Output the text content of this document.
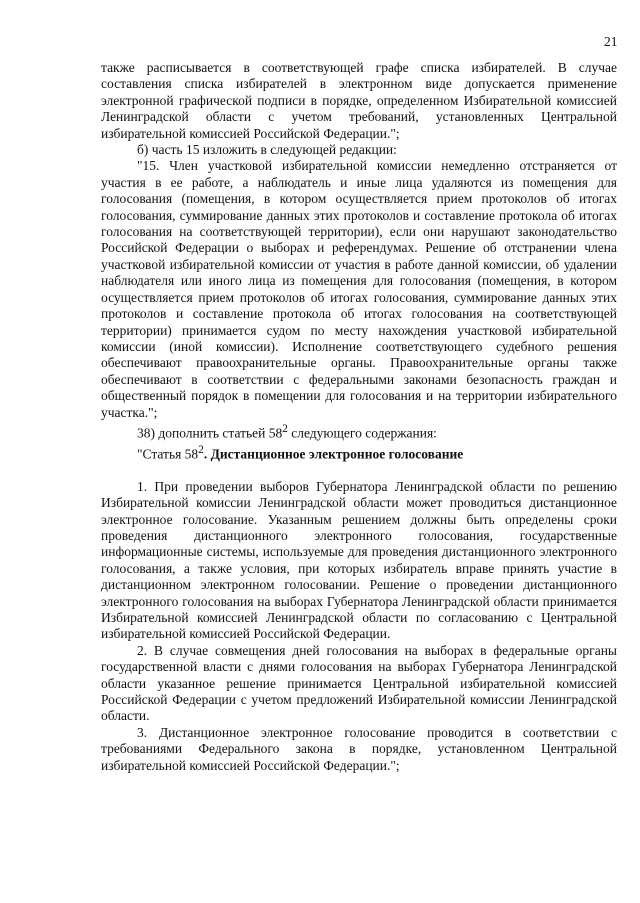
21

также расписывается в соответствующей графе списка избирателей. В случае составления списка избирателей в электронном виде допускается применение электронной графической подписи в порядке, определенном Избирательной комиссией Ленинградской области с учетом требований, установленных Центральной избирательной комиссией Российской Федерации.";

б) часть 15 изложить в следующей редакции:

"15. Член участковой избирательной комиссии немедленно отстраняется от участия в ее работе, а наблюдатель и иные лица удаляются из помещения для голосования (помещения, в котором осуществляется прием протоколов об итогах голосования, суммирование данных этих протоколов и составление протокола об итогах голосования на соответствующей территории), если они нарушают законодательство Российской Федерации о выборах и референдумах. Решение об отстранении члена участковой избирательной комиссии от участия в работе данной комиссии, об удалении наблюдателя или иного лица из помещения для голосования (помещения, в котором осуществляется прием протоколов об итогах голосования, суммирование данных этих протоколов и составление протокола об итогах голосования на соответствующей территории) принимается судом по месту нахождения участковой избирательной комиссии (иной комиссии). Исполнение соответствующего судебного решения обеспечивают правоохранительные органы. Правоохранительные органы также обеспечивают в соответствии с федеральными законами безопасность граждан и общественный порядок в помещении для голосования и на территории избирательного участка.";

38) дополнить статьей $58^2$ следующего содержания:

"Статья $58^2$. Дистанционное электронное голосование

1. При проведении выборов Губернатора Ленинградской области по решению Избирательной комиссии Ленинградской области может проводиться дистанционное электронное голосование. Указанным решением должны быть определены сроки проведения дистанционного электронного голосования, государственные информационные системы, используемые для проведения дистанционного электронного голосования, а также условия, при которых избиратель вправе принять участие в дистанционном электронном голосовании. Решение о проведении дистанционного электронного голосования на выборах Губернатора Ленинградской области принимается Избирательной комиссией Ленинградской области по согласованию с Центральной избирательной комиссией Российской Федерации.

2. В случае совмещения дней голосования на выборах в федеральные органы государственной власти с днями голосования на выборах Губернатора Ленинградской области указанное решение принимается Центральной избирательной комиссией Российской Федерации с учетом предложений Избирательной комиссии Ленинградской области.

3. Дистанционное электронное голосование проводится в соответствии с требованиями Федерального закона в порядке, установленном Центральной избирательной комиссией Российской Федерации.";
